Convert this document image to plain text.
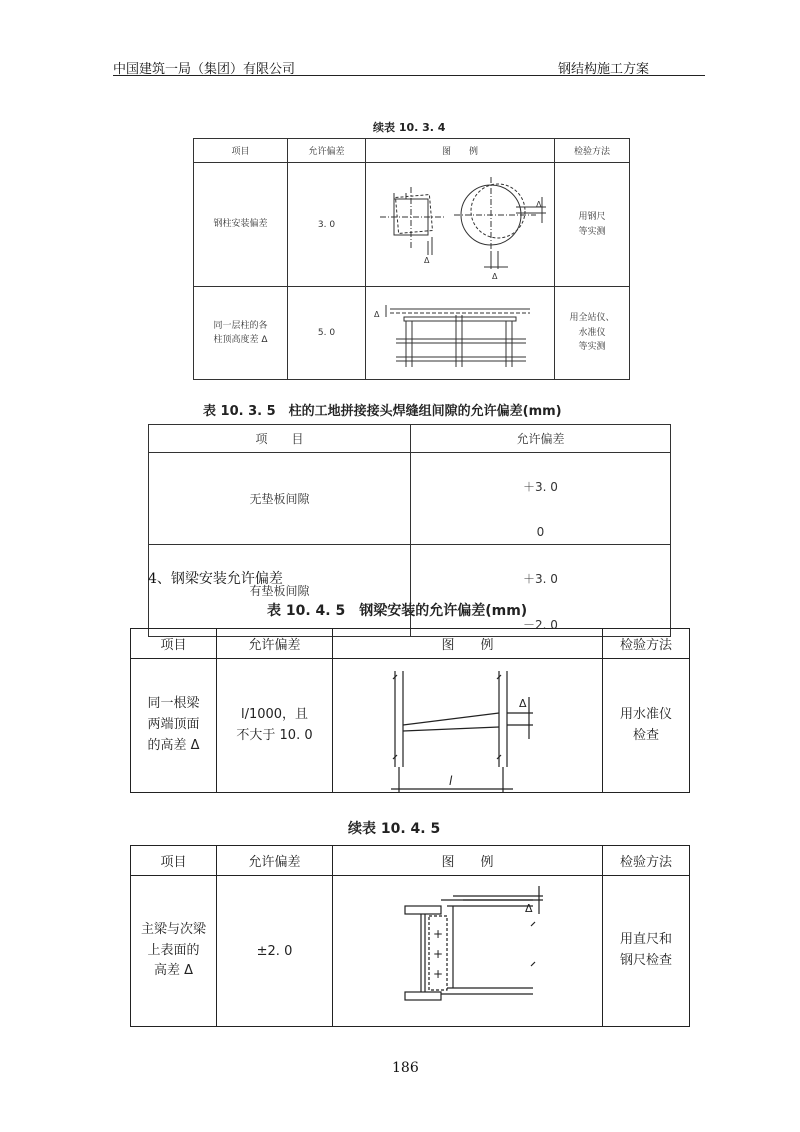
中国建筑一局（集团）有限公司	钢结构施工方案
续表 10. 3. 4
项目	允许偏差	图　　例	检验方法
钢柱安装偏差	3. 0	Δ
Δ
Δ	用钢尺
等实测
同一层柱的各
柱顶高度差 Δ	5. 0	Δ	用全站仪、
水准仪
等实测
表 10. 3. 5　柱的工地拼接接头焊缝组间隙的允许偏差(mm)
项　　目	允许偏差
无垫板间隙	＋3. 0

0

有垫板间隙	＋3. 0

－2. 0

4、钢梁安装允许偏差
表 10. 4. 5　钢梁安装的允许偏差(mm)
项目	允许偏差	图　　例	检验方法
同一根梁
两端顶面
的高差 Δ	l/1000，且
不大于 10. 0	Δ
l	用水准仪
检查
续表 10. 4. 5
项目	允许偏差	图　　例	检验方法
主梁与次梁
上表面的
高差 Δ	±2. 0	+
+
+
Δ	用直尺和
钢尺检查
186
